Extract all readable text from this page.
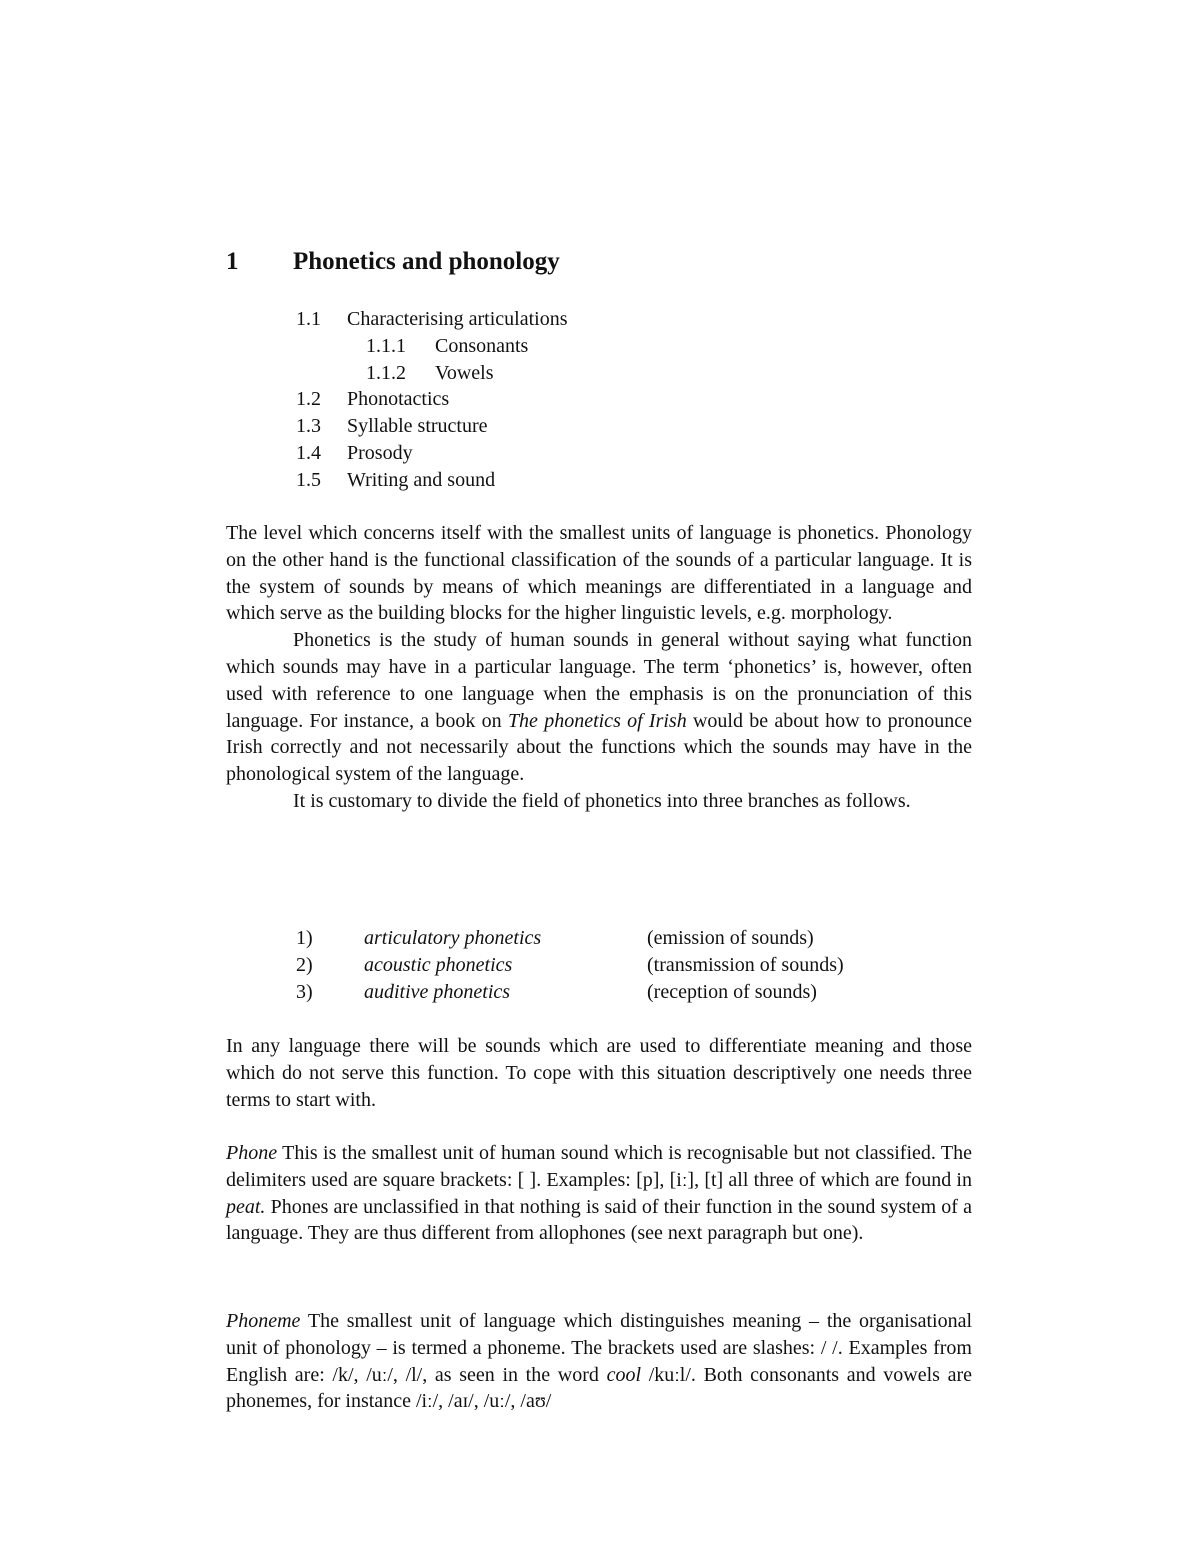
1 Phonetics and phonology
1.1 Characterising articulations
1.1.1 Consonants
1.1.2 Vowels
1.2 Phonotactics
1.3 Syllable structure
1.4 Prosody
1.5 Writing and sound

The level which concerns itself with the smallest units of language is phonetics. Phonology on the other hand is the functional classification of the sounds of a particular language. It is the system of sounds by means of which meanings are differentiated in a language and which serve as the building blocks for the higher linguistic levels, e.g. morphology.

Phonetics is the study of human sounds in general without saying what function which sounds may have in a particular language. The term ‘phonetics’ is, however, often used with reference to one language when the emphasis is on the pronunciation of this language. For instance, a book on The phonetics of Irish would be about how to pronounce Irish correctly and not necessarily about the functions which the sounds may have in the phonological system of the language.

It is customary to divide the field of phonetics into three branches as follows.

1)	articulatory phonetics	(emission of sounds)
2)	acoustic phonetics	(transmission of sounds)
3)	auditive phonetics	(reception of sounds)

In any language there will be sounds which are used to differentiate meaning and those which do not serve this function. To cope with this situation descriptively one needs three terms to start with.

Phone This is the smallest unit of human sound which is recognisable but not classified. The delimiters used are square brackets: [ ]. Examples: [p], [iː], [t] all three of which are found in peat. Phones are unclassified in that nothing is said of their function in the sound system of a language. They are thus different from allophones (see next paragraph but one).

Phoneme The smallest unit of language which distinguishes meaning – the organisational unit of phonology – is termed a phoneme. The brackets used are slashes: / /. Examples from English are: /k/, /uː/, /l/, as seen in the word cool /kuːl/. Both consonants and vowels are phonemes, for instance /iː/, /aɪ/, /uː/, /aʊ/
